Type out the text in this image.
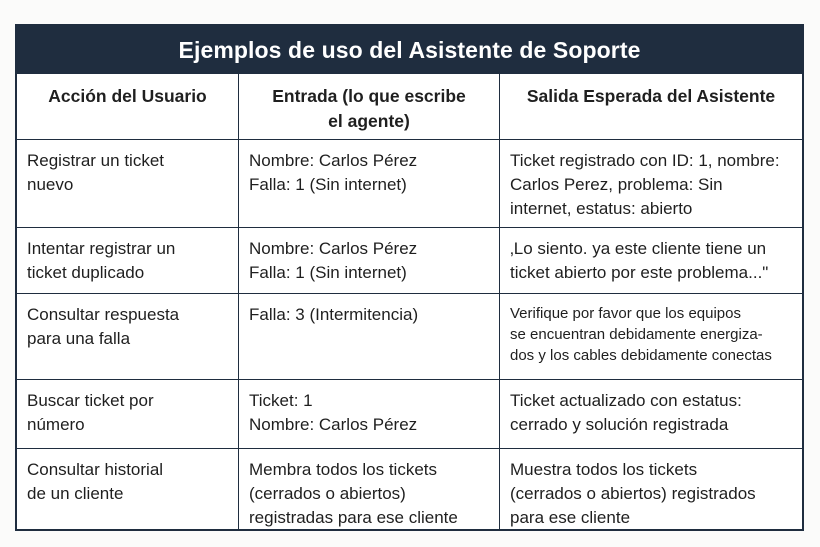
Ejemplos de uso del Asistente de Soporte
Acción del Usuario	Entrada (lo que escribe
el agente)
Salida Esperada del Asistente
Registrar un ticket
nuevo
Nombre: Carlos Pérez
Falla: 1 (Sin internet)
Ticket registrado con ID: 1, nombre:
Carlos Perez, problema: Sin
internet, estatus: abierto
Intentar registrar un
ticket duplicado
Nombre: Carlos Pérez
Falla: 1 (Sin internet)
‚Lo siento. ya este cliente tiene un
ticket abierto por este problema..."
Consultar respuesta
para una falla
Falla: 3 (Intermitencia)	Verifique por favor que los equipos
se encuentran debidamente energiza-
dos y los cables debidamente conectas
Buscar ticket por
número
Ticket: 1
Nombre: Carlos Pérez
Ticket actualizado con estatus:
cerrado y solución registrada
Consultar historial
de un cliente
Membra todos los tickets
(cerrados o abiertos)
registradas para ese cliente
Muestra todos los tickets
(cerrados o abiertos) registrados
para ese cliente
